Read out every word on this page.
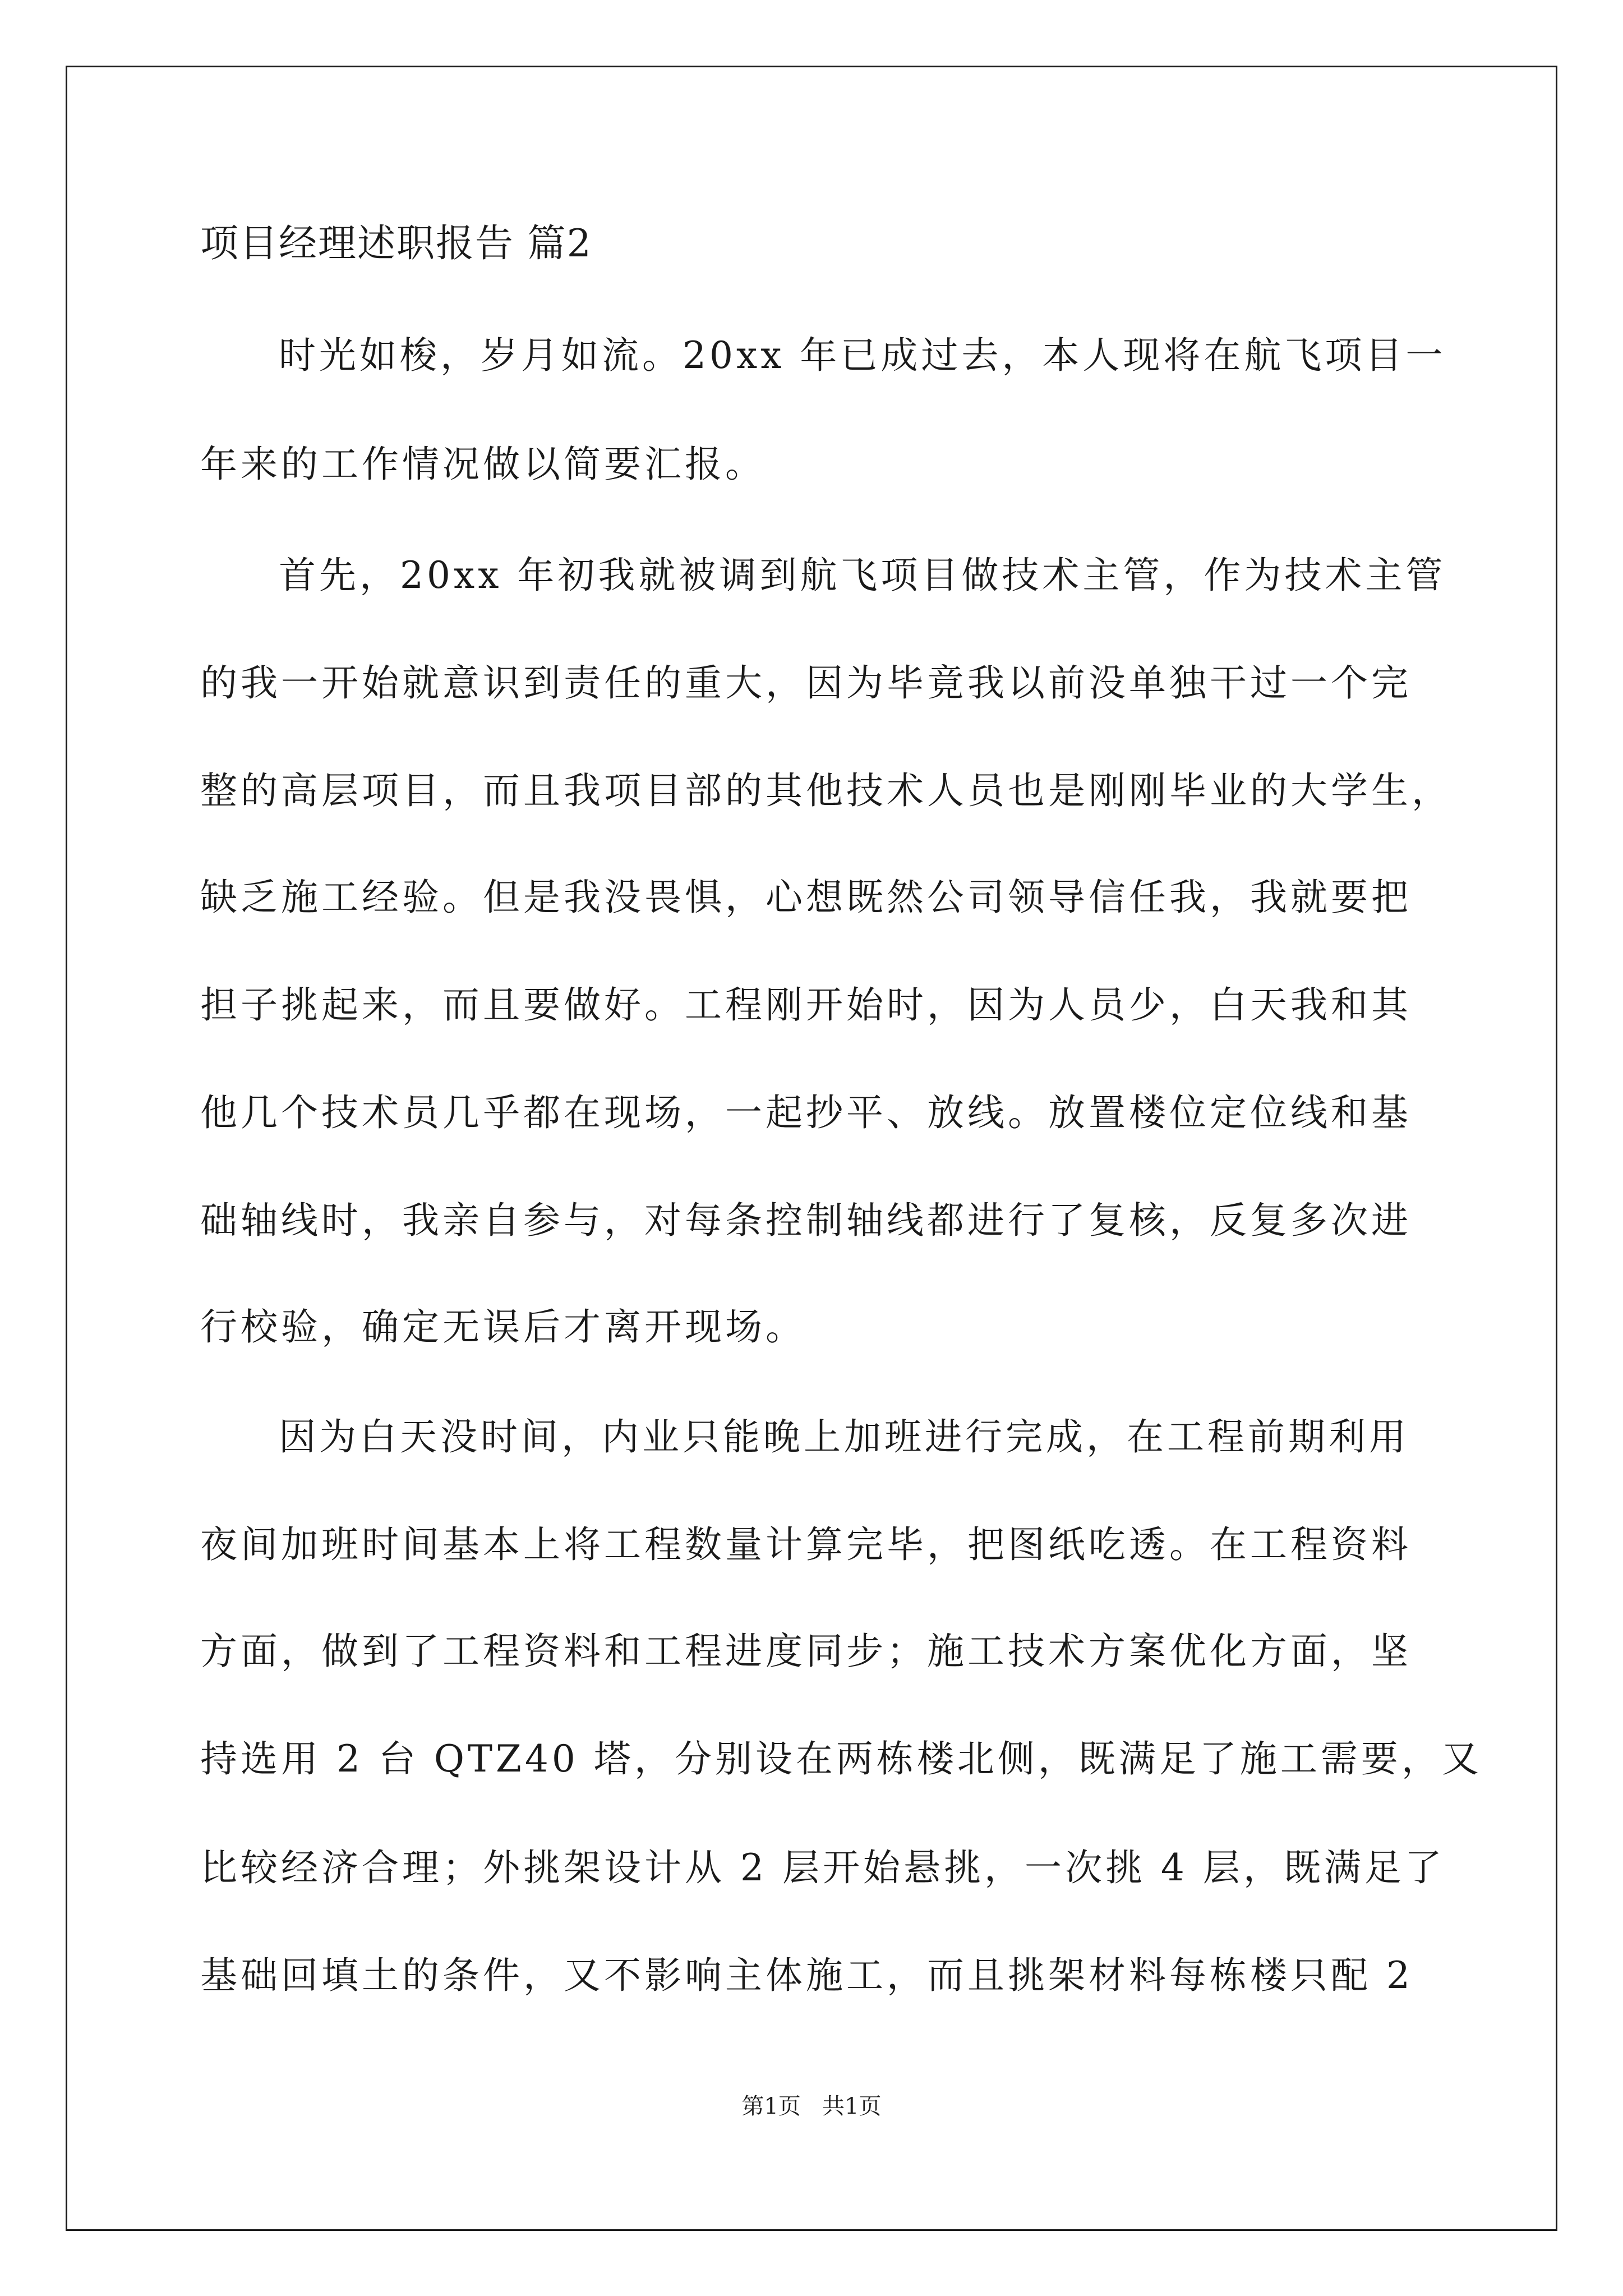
项目经理述职报告 篇2
时光如梭，岁月如流。20xx 年已成过去，本人现将在航飞项目一
年来的工作情况做以简要汇报。
首先，20xx 年初我就被调到航飞项目做技术主管，作为技术主管
的我一开始就意识到责任的重大，因为毕竟我以前没单独干过一个完
整的高层项目，而且我项目部的其他技术人员也是刚刚毕业的大学生，
缺乏施工经验。但是我没畏惧，心想既然公司领导信任我，我就要把
担子挑起来，而且要做好。工程刚开始时，因为人员少，白天我和其
他几个技术员几乎都在现场，一起抄平、放线。放置楼位定位线和基
础轴线时，我亲自参与，对每条控制轴线都进行了复核，反复多次进
行校验，确定无误后才离开现场。
因为白天没时间，内业只能晚上加班进行完成，在工程前期利用
夜间加班时间基本上将工程数量计算完毕，把图纸吃透。在工程资料
方面，做到了工程资料和工程进度同步；施工技术方案优化方面，坚
持选用 2 台 QTZ40 塔，分别设在两栋楼北侧，既满足了施工需要，又
比较经济合理；外挑架设计从 2 层开始悬挑，一次挑 4 层，既满足了
基础回填土的条件，又不影响主体施工，而且挑架材料每栋楼只配 2
第1页   共1页
